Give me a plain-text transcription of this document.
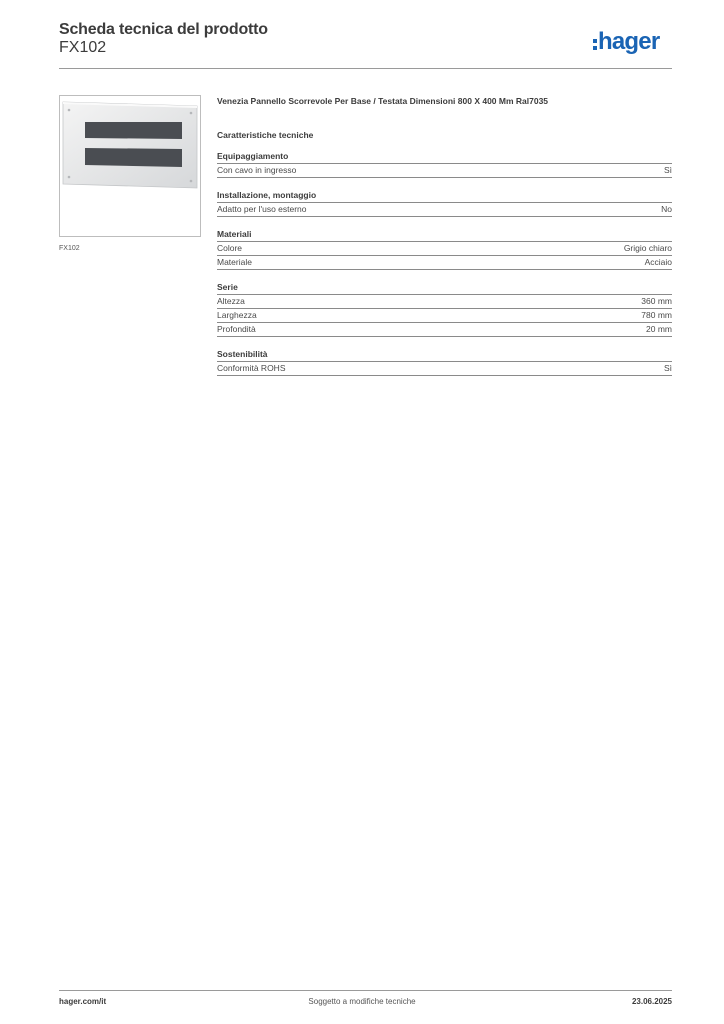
Scheda tecnica del prodotto
FX102	hager
FX102
Venezia Pannello Scorrevole Per Base / Testata Dimensioni 800 X 400 Mm Ral7035
Caratteristiche tecniche
Equipaggiamento
Con cavo in ingresso	Sì
Installazione, montaggio
Adatto per l'uso esterno	No
Materiali
Colore	Grigio chiaro
Materiale	Acciaio
Serie
Altezza	360 mm
Larghezza	780 mm
Profondità	20 mm
Sostenibilità
Conformità ROHS	Sì
hager.com/it	Soggetto a modifiche tecniche	23.06.2025
